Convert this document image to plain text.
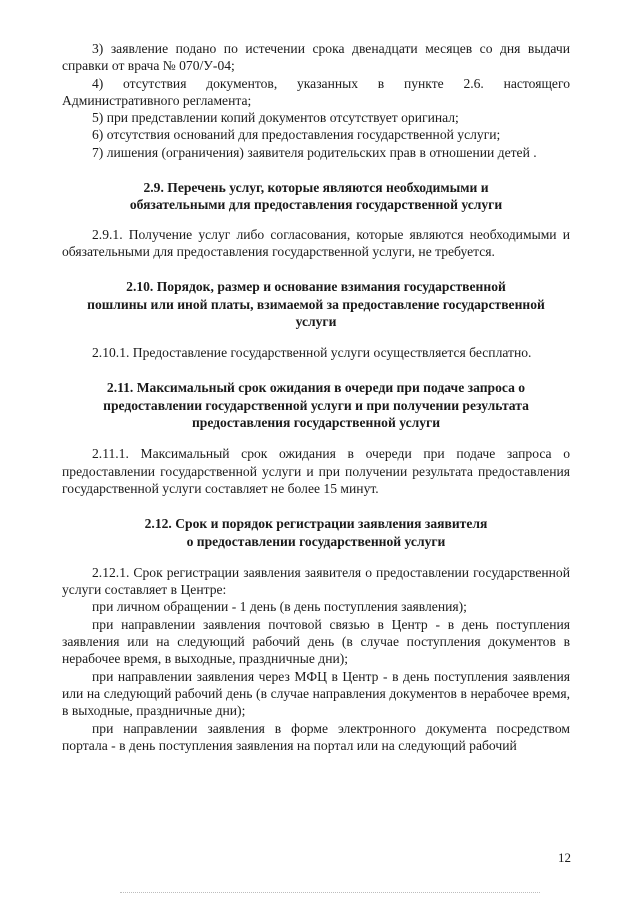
3) заявление подано по истечении срока двенадцати месяцев со дня выдачи справки от врача № 070/У-04;

4) отсутствия документов, указанных в пункте 2.6. настоящего Административного регламента;

5) при представлении копий документов отсутствует оригинал;

6) отсутствия оснований для предоставления государственной услуги;

7) лишения (ограничения) заявителя родительских прав в отношении детей .

2.9. Перечень услуг, которые являются необходимыми и
обязательными для предоставления государственной услуги

2.9.1. Получение услуг либо согласования, которые являются необходимыми и обязательными для предоставления государственной услуги, не требуется.

2.10. Порядок, размер и основание взимания государственной
пошлины или иной платы, взимаемой за предоставление государственной
услуги

2.10.1. Предоставление государственной услуги осуществляется бесплатно.

2.11. Максимальный срок ожидания в очереди при подаче запроса о
предоставлении государственной услуги и при получении результата
предоставления государственной услуги

2.11.1. Максимальный срок ожидания в очереди при подаче запроса о предоставлении государственной услуги и при получении результата предоставления государственной услуги составляет не более 15 минут.

2.12. Срок и порядок регистрации заявления заявителя
о предоставлении государственной услуги

2.12.1. Срок регистрации заявления заявителя о предоставлении государственной услуги составляет в Центре:

при личном обращении - 1 день (в день поступления заявления);

при направлении заявления почтовой связью в Центр - в день поступления заявления или на следующий рабочий день (в случае поступления документов в нерабочее время, в выходные, праздничные дни);

при направлении заявления через МФЦ в Центр - в день поступления заявления или на следующий рабочий день (в случае направления документов в нерабочее время, в выходные, праздничные дни);

при направлении заявления в форме электронного документа посредством портала - в день поступления заявления на портал или на следующий рабочий

12
